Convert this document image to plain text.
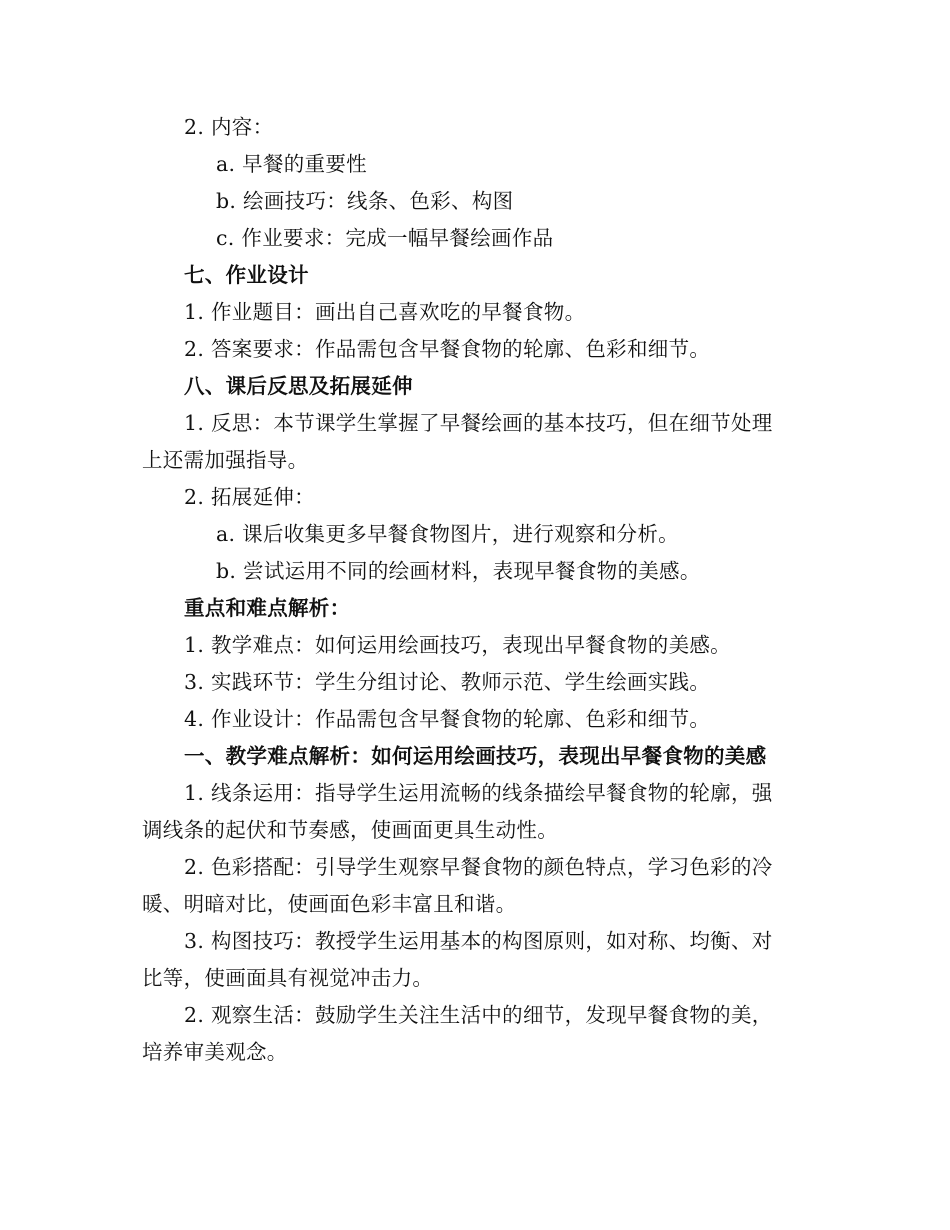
2. 内容：
a. 早餐的重要性
b. 绘画技巧：线条、色彩、构图
c. 作业要求：完成一幅早餐绘画作品
七、作业设计
1. 作业题目：画出自己喜欢吃的早餐食物。
2. 答案要求：作品需包含早餐食物的轮廓、色彩和细节。
八、课后反思及拓展延伸
1. 反思：本节课学生掌握了早餐绘画的基本技巧，但在细节处理
上还需加强指导。
2. 拓展延伸：
a. 课后收集更多早餐食物图片，进行观察和分析。
b. 尝试运用不同的绘画材料，表现早餐食物的美感。
重点和难点解析：
1. 教学难点：如何运用绘画技巧，表现出早餐食物的美感。
3. 实践环节：学生分组讨论、教师示范、学生绘画实践。
4. 作业设计：作品需包含早餐食物的轮廓、色彩和细节。
一、教学难点解析：如何运用绘画技巧，表现出早餐食物的美感
1. 线条运用：指导学生运用流畅的线条描绘早餐食物的轮廓，强
调线条的起伏和节奏感，使画面更具生动性。
2. 色彩搭配：引导学生观察早餐食物的颜色特点，学习色彩的冷
暖、明暗对比，使画面色彩丰富且和谐。
3. 构图技巧：教授学生运用基本的构图原则，如对称、均衡、对
比等，使画面具有视觉冲击力。
2. 观察生活：鼓励学生关注生活中的细节，发现早餐食物的美，
培养审美观念。
